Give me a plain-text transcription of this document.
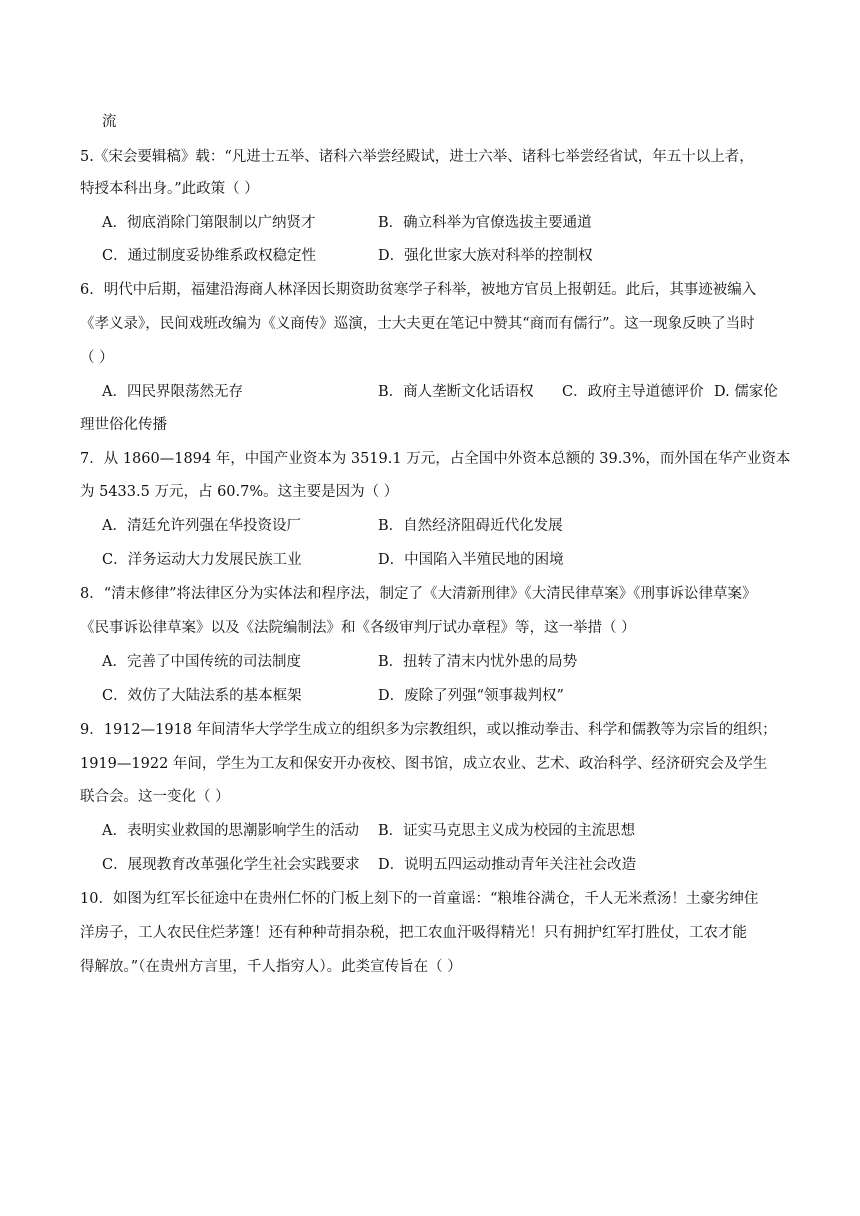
流
5.《宋会要辑稿》载：“凡进士五举、诸科六举尝经殿试，进士六举、诸科七举尝经省试，年五十以上者，
特授本科出身。”此政策（ ）
A．彻底消除门第限制以广纳贤才	B．确立科举为官僚选拔主要通道
C．通过制度妥协维系政权稳定性	D．强化世家大族对科举的控制权
6．明代中后期，福建沿海商人林泽因长期资助贫寒学子科举，被地方官员上报朝廷。此后，其事迹被编入
《孝义录》，民间戏班改编为《义商传》巡演，士大夫更在笔记中赞其“商而有儒行”。这一现象反映了当时
（ ）
A．四民界限荡然无存	B．商人垄断文化话语权 C．政府主导道德评价 D. 儒家伦
理世俗化传播
7．从 1860—1894 年，中国产业资本为 3519.1 万元，占全国中外资本总额的 39.3%，而外国在华产业资本
为 5433.5 万元，占 60.7%。这主要是因为（ ）
A．清廷允许列强在华投资设厂	B．自然经济阻碍近代化发展
C．洋务运动大力发展民族工业	D．中国陷入半殖民地的困境
8．“清末修律”将法律区分为实体法和程序法，制定了《大清新刑律》《大清民律草案》《刑事诉讼律草案》
《民事诉讼律草案》以及《法院编制法》和《各级审判厅试办章程》等，这一举措（ ）
A．完善了中国传统的司法制度	B．扭转了清末内忧外患的局势
C．效仿了大陆法系的基本框架	D．废除了列强“领事裁判权”
9．1912—1918 年间清华大学学生成立的组织多为宗教组织，或以推动拳击、科学和儒教等为宗旨的组织；
1919—1922 年间，学生为工友和保安开办夜校、图书馆，成立农业、艺术、政治科学、经济研究会及学生
联合会。这一变化（ ）
A．表明实业救国的思潮影响学生的活动 B．证实马克思主义成为校园的主流思想
C．展现教育改革强化学生社会实践要求 D．说明五四运动推动青年关注社会改造
10．如图为红军长征途中在贵州仁怀的门板上刻下的一首童谣：“粮堆谷满仓，千人无米煮汤！土豪劣绅住
洋房子，工人农民住烂茅篷！还有种种苛捐杂税，把工农血汗吸得精光！只有拥护红军打胜仗，工农才能
得解放。”（在贵州方言里，千人指穷人）。此类宣传旨在（ ）
